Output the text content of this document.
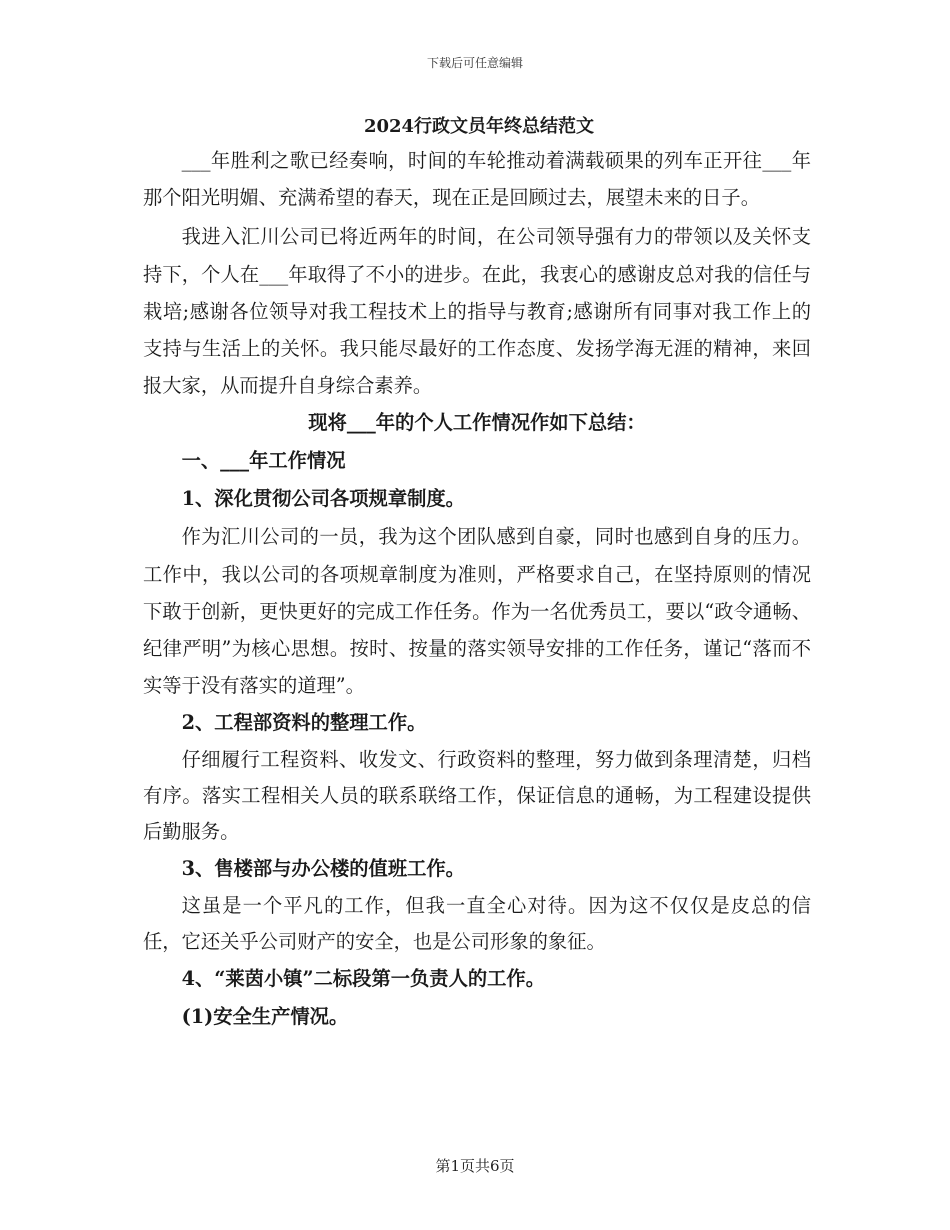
下载后可任意编辑
2024行政文员年终总结范文

___年胜利之歌已经奏响，时间的车轮推动着满载硕果的列车正开往___年那个阳光明媚、充满希望的春天，现在正是回顾过去，展望未来的日子。

我进入汇川公司已将近两年的时间，在公司领导强有力的带领以及关怀支持下，个人在___年取得了不小的进步。在此，我衷心的感谢皮总对我的信任与栽培;感谢各位领导对我工程技术上的指导与教育;感谢所有同事对我工作上的支持与生活上的关怀。我只能尽最好的工作态度、发扬学海无涯的精神，来回报大家，从而提升自身综合素养。

现将___年的个人工作情况作如下总结：

一、___年工作情况

1、深化贯彻公司各项规章制度。

作为汇川公司的一员，我为这个团队感到自豪，同时也感到自身的压力。工作中，我以公司的各项规章制度为准则，严格要求自己，在坚持原则的情况下敢于创新，更快更好的完成工作任务。作为一名优秀员工，要以“政令通畅、纪律严明”为核心思想。按时、按量的落实领导安排的工作任务，谨记“落而不实等于没有落实的道理”。

2、工程部资料的整理工作。

仔细履行工程资料、收发文、行政资料的整理，努力做到条理清楚，归档有序。落实工程相关人员的联系联络工作，保证信息的通畅，为工程建设提供后勤服务。

3、售楼部与办公楼的值班工作。

这虽是一个平凡的工作，但我一直全心对待。因为这不仅仅是皮总的信任，它还关乎公司财产的安全，也是公司形象的象征。

4、“莱茵小镇”二标段第一负责人的工作。

(1)安全生产情况。

第1页共6页
